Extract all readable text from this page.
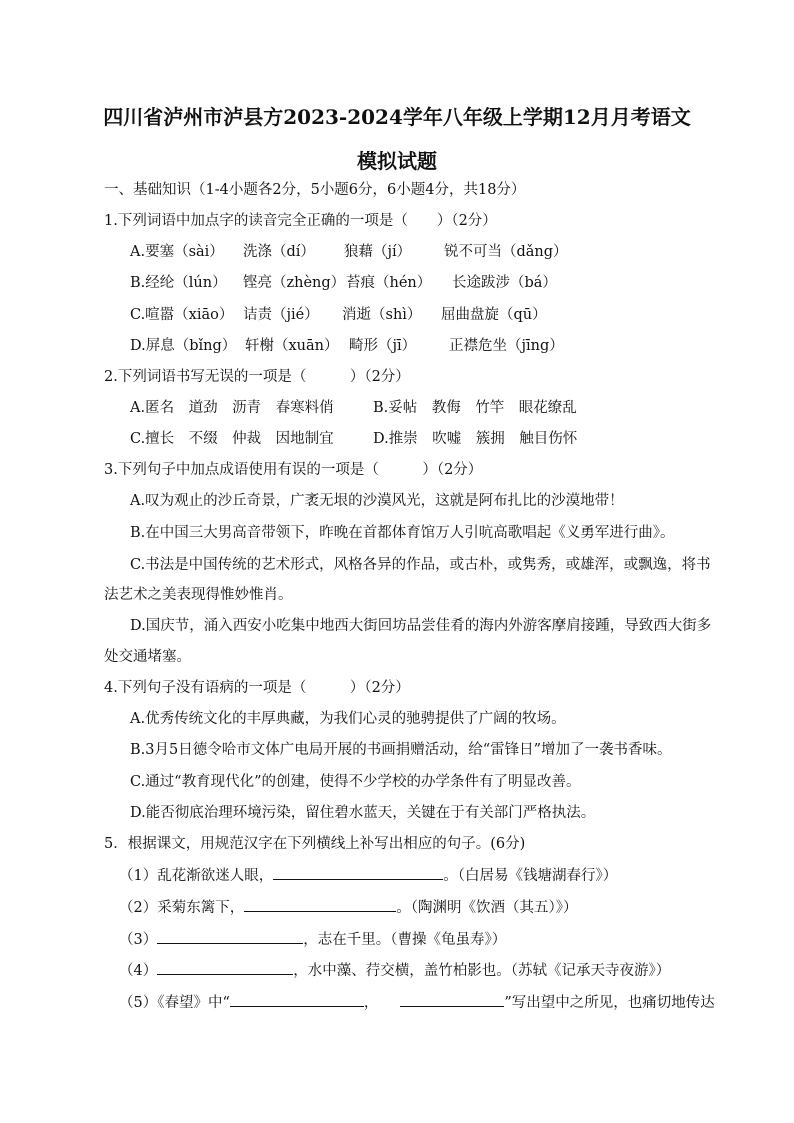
四川省泸州市泸县方2023-2024学年八年级上学期12月月考语文
模拟试题
一、基础知识（1-4小题各2分，5小题6分，6小题4分，共18分）
1.下列词语中加点字的读音完全正确的一项是（　　）（2分）
A.要塞（sài） 洗涤（dí） 狼藉（jí） 锐不可当（dǎng）
B.经纶（lún） 铿亮（zhèng） 苔痕（hén） 长途跋涉（bá）
C.喧嚣（xiāo） 诘责（jié） 消逝（shì） 屈曲盘旋（qū）
D.屏息（bǐng） 轩榭（xuān） 畸形（jī） 正襟危坐（jīng）
2.下列词语书写无误的一项是（　　　）（2分）
A.匿名　道劲　沥青　春寒料俏	B.妥帖　教侮　竹竿　眼花缭乱
C.擅长　不缀　仲裁　因地制宜	D.推崇　吹嘘　簇拥　触目伤怀
3.下列句子中加点成语使用有误的一项是（　　　）（2分）
A.叹为观止的沙丘奇景，广袤无垠的沙漠风光，这就是阿布扎比的沙漠地带！
B.在中国三大男高音带领下，昨晚在首都体育馆万人引吭高歌唱起《义勇军进行曲》。
C.书法是中国传统的艺术形式，风格各异的作品，或古朴，或隽秀，或雄浑，或飘逸，将书
法艺术之美表现得惟妙惟肖。
D.国庆节，涌入西安小吃集中地西大街回坊品尝佳肴的海内外游客摩肩接踵，导致西大街多
处交通堵塞。
4.下列句子没有语病的一项是（　　　）（2分）
A.优秀传统文化的丰厚典藏，为我们心灵的驰骋提供了广阔的牧场。
B.3月5日德令哈市文体广电局开展的书画捐赠活动，给“雷锋日”增加了一袭书香味。
C.通过“教育现代化”的创建，使得不少学校的办学条件有了明显改善。
D.能否彻底治理环境污染，留住碧水蓝天，关键在于有关部门严格执法。
5．根据课文，用规范汉字在下列横线上补写出相应的句子。(6分)
（1）乱花渐欲迷人眼，	。（白居易《钱塘湖春行》）
（2）采菊东篱下，	。（陶渊明《饮酒（其五）》）
（3）	，志在千里。（曹操《龟虽寿》）
（4）	，水中藻、荇交横，盖竹柏影也。（苏轼《记承天寺夜游》）
（5）《春望》中“	，	”写出望中之所见，也痛切地传达
